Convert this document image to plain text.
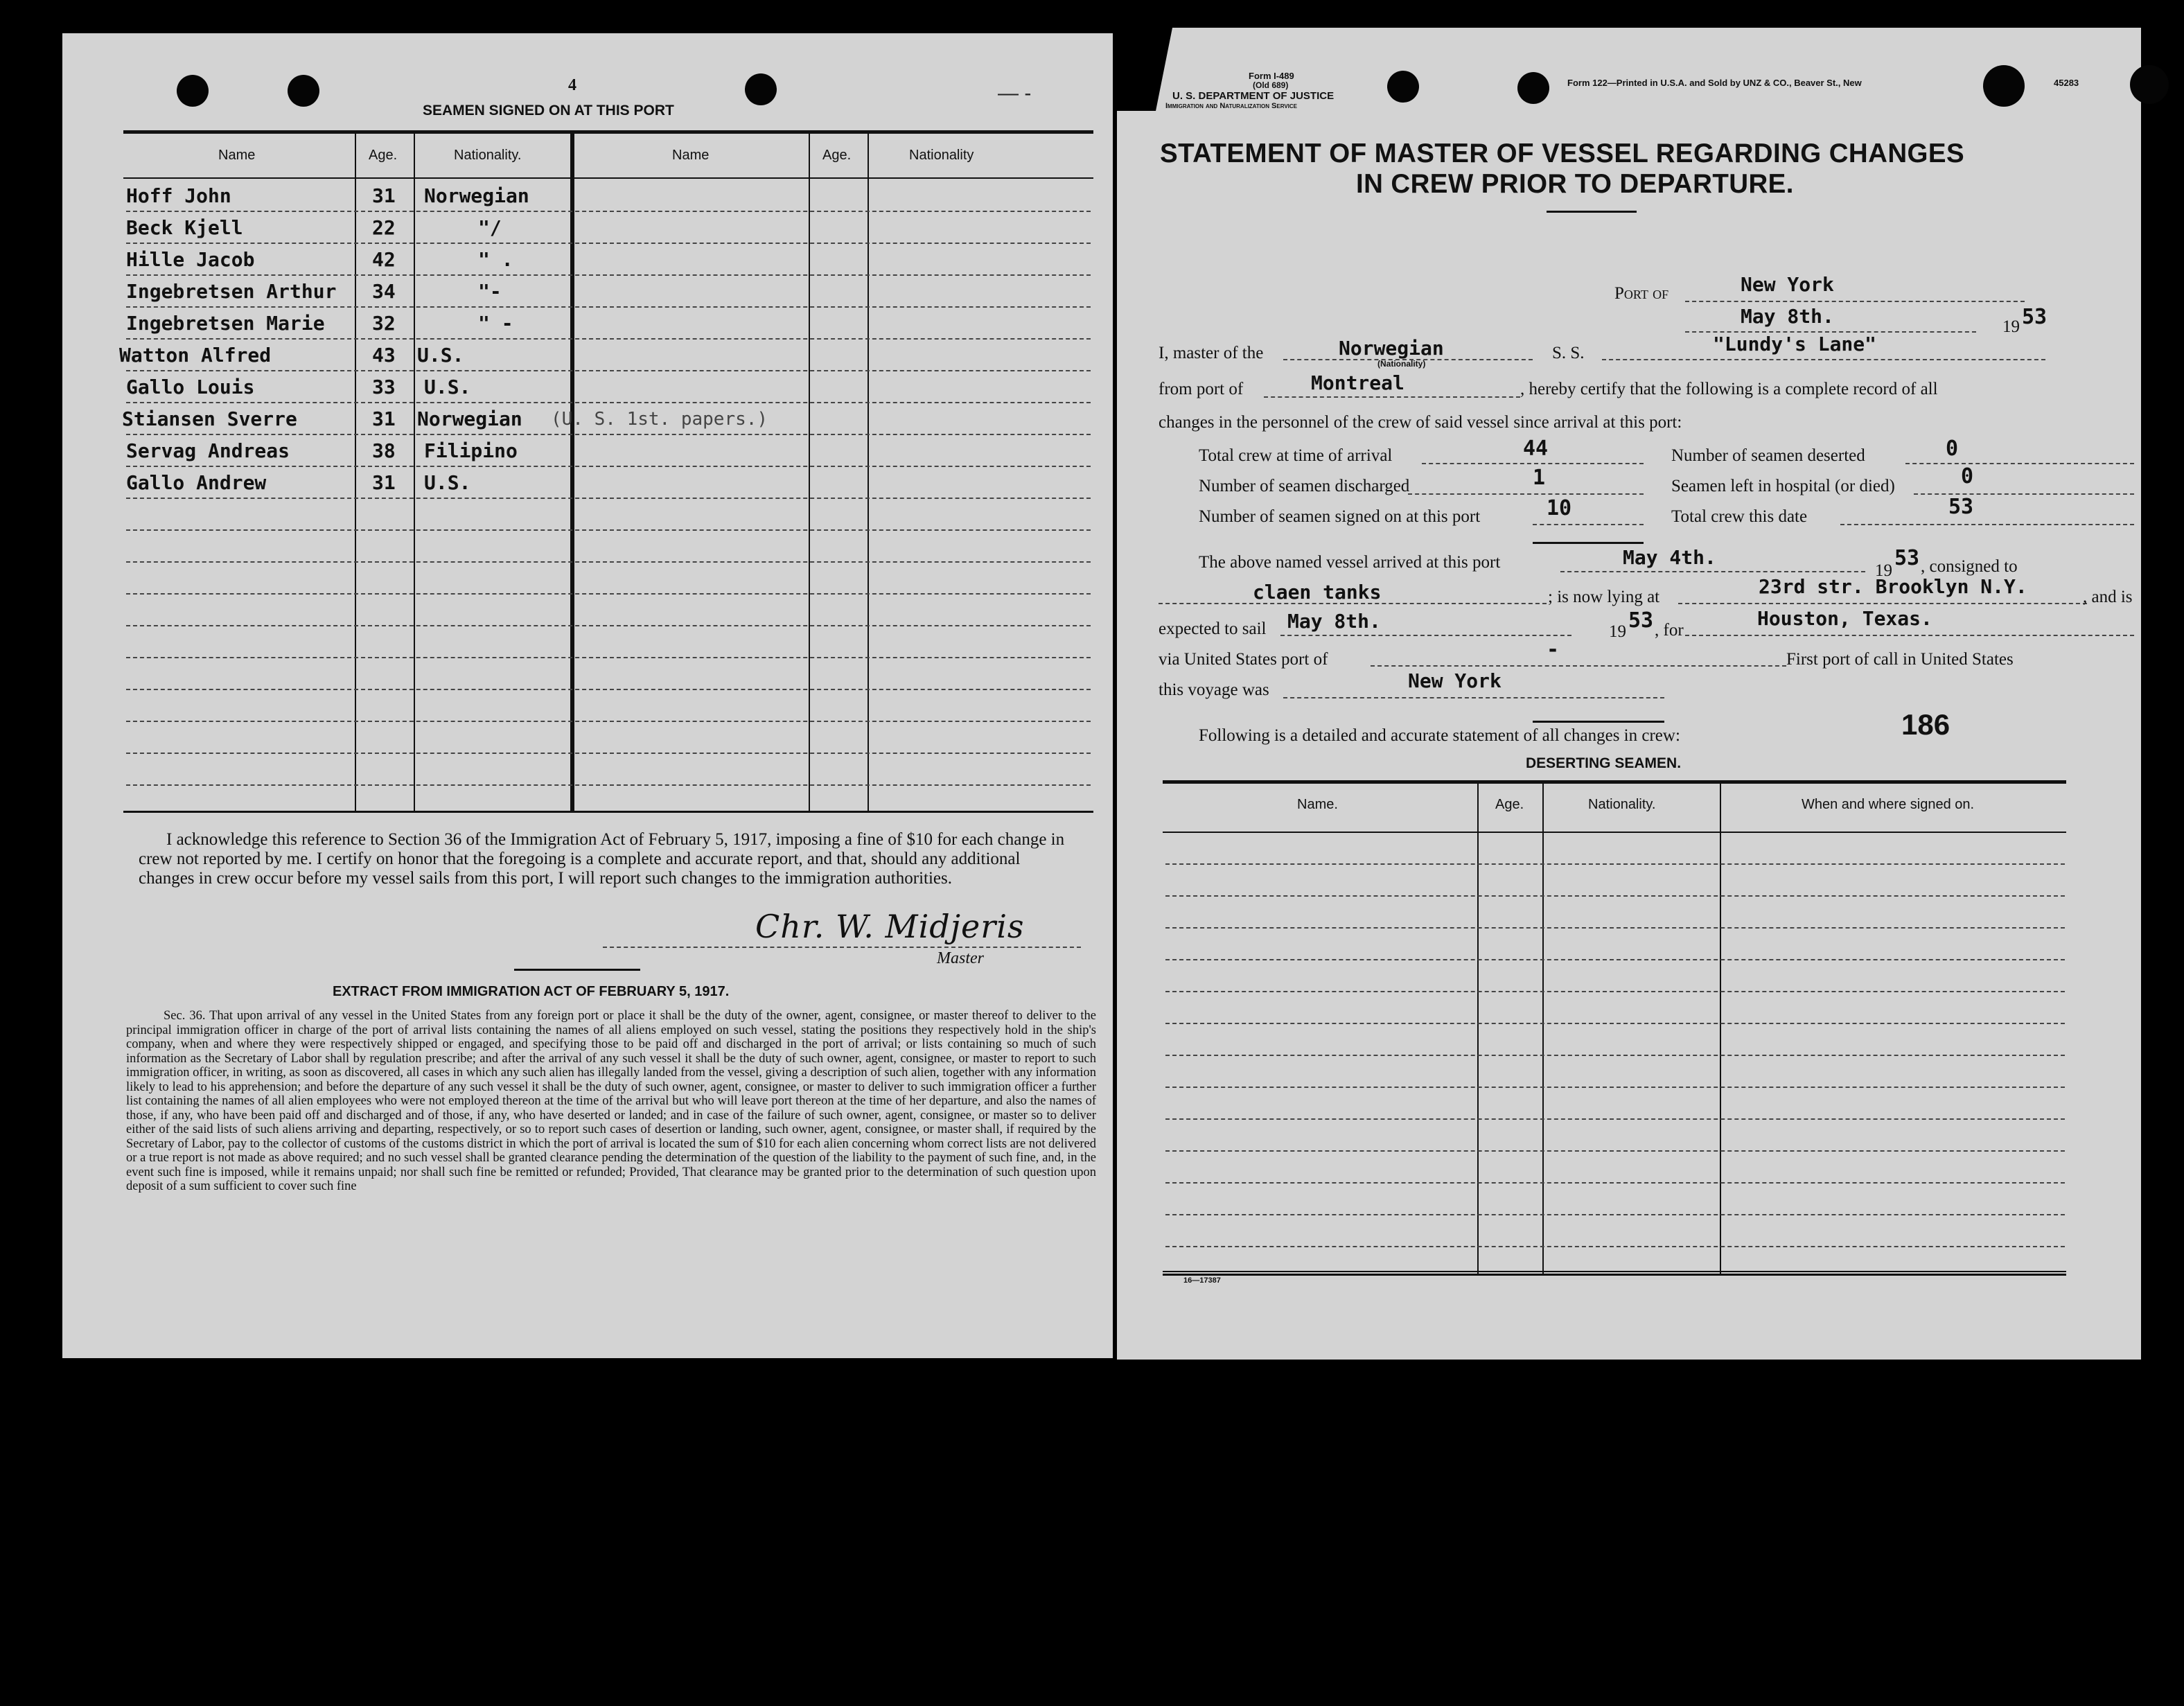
— -
4
SEAMEN SIGNED ON AT THIS PORT
Name	Age.	Nationality.	Name	Age.	Nationality
Hoff John	31 Norwegian
Beck Kjell	22	"/
Hille Jacob	42	" .
Ingebretsen Arthur 34	"-
Ingebretsen Marie 32	" -
Watton Alfred	43 U.S.
Gallo Louis	33 U.S.
Stiansen Sverre	31 Norwegian (U. S. 1st. papers.)
Servag Andreas	38 Filipino
Gallo Andrew	31 U.S.
I acknowledge this reference to Section 36 of the Immigration Act of February 5, 1917, imposing a fine of $10 for each change in crew not reported by me. I certify on honor that the foregoing is a complete and accurate report, and that, should any additional changes in crew occur before my vessel sails from this port, I will report such changes to the immigration authorities.
Chr. W. Midjeris
Master
EXTRACT FROM IMMIGRATION ACT OF FEBRUARY 5, 1917.
Sec. 36. That upon arrival of any vessel in the United States from any foreign port or place it shall be the duty of the owner, agent, consignee, or master thereof to deliver to the principal immigration officer in charge of the port of arrival lists containing the names of all aliens employed on such vessel, stating the positions they respectively hold in the ship's company, when and where they were respectively shipped or engaged, and specifying those to be paid off and discharged in the port of arrival; or lists containing so much of such information as the Secretary of Labor shall by regulation prescribe; and after the arrival of any such vessel it shall be the duty of such owner, agent, consignee, or master to report to such immigration officer, in writing, as soon as discovered, all cases in which any such alien has illegally landed from the vessel, giving a description of such alien, together with any information likely to lead to his apprehension; and before the departure of any such vessel it shall be the duty of such owner, agent, consignee, or master to deliver to such immigration officer a further list containing the names of all alien employees who were not employed thereon at the time of the arrival but who will leave port thereon at the time of her departure, and also the names of those, if any, who have been paid off and discharged and of those, if any, who have deserted or landed; and in case of the failure of such owner, agent, consignee, or master so to deliver either of the said lists of such aliens arriving and departing, respectively, or so to report such cases of desertion or landing, such owner, agent, consignee, or master shall, if required by the Secretary of Labor, pay to the collector of customs of the customs district in which the port of arrival is located the sum of $10 for each alien concerning whom correct lists are not delivered or a true report is not made as above required; and no such vessel shall be granted clearance pending the determination of the question of the liability to the payment of such fine, and, in the event such fine is imposed, while it remains unpaid; nor shall such fine be remitted or refunded; Provided, That clearance may be granted prior to the determination of such question upon deposit of a sum sufficient to cover such fine
Form I-489
(Old 689)
U. S. DEPARTMENT OF JUSTICE
Immigration and Naturalization Service
Form 122—Printed in U.S.A. and Sold by UNZ & CO., Beaver St., New	45283
STATEMENT OF MASTER OF VESSEL REGARDING CHANGES
IN CREW PRIOR TO DEPARTURE.
Port of	New York
May 8th.	19 53
I, master of the	Norwegian
(Nationality)
S. S.	"Lundy's Lane"
from port of	Montreal	, hereby certify that the following is a complete record of all
changes in the personnel of the crew of said vessel since arrival at this port:
Total crew at time of arrival	44	Number of seamen deserted	0
Number of seamen discharged	1	Seamen left in hospital (or died)	0
Number of seamen signed on at this port	10	Total crew this date	53
The above named vessel arrived at this port	May 4th.
19
53 , consigned to
claen tanks	; is now lying at	23rd str. Brooklyn N.Y.	, and is
expected to sail May 8th.	19 53 , for
Houston, Texas.
via United States port of	-	First port of call in United States
this voyage was	New York
Following is a detailed and accurate statement of all changes in crew:	186
DESERTING SEAMEN.
Name.	Age.	Nationality.	When and where signed on.
16—17387
